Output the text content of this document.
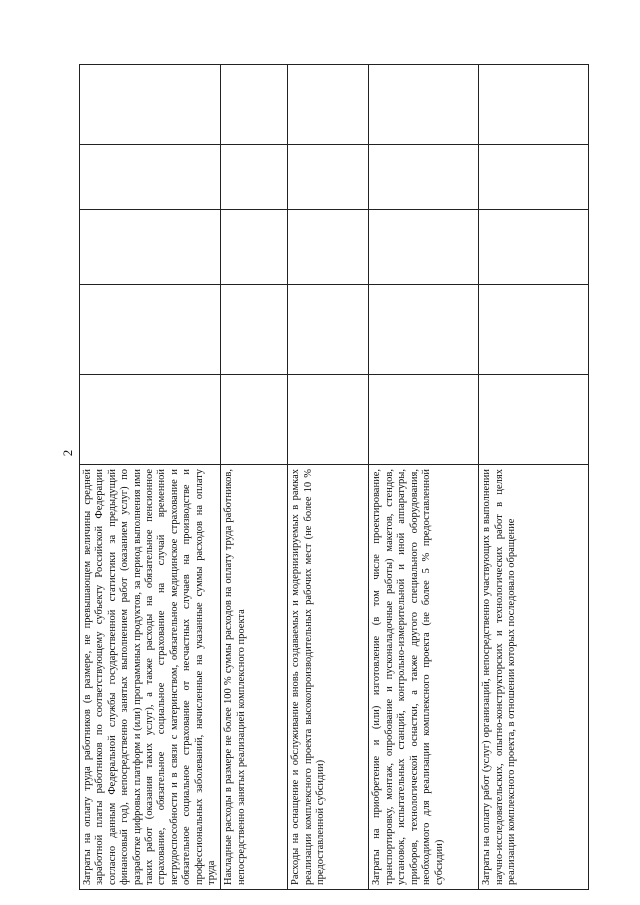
2
Затраты на оплату труда работников (в размере, не превышающем величины средней заработной платы работников по соответствующему субъекту Российской Федерации согласно данным Федеральной службы государственной статистики за предыдущий финансовый год), непосредственно занятых выполнением работ (оказанием услуг) по разработке цифровых платформ и (или) программных продуктов, за период выполнения ими таких работ (оказания таких услуг), а также расходы на обязательное пенсионное страхование, обязательное социальное страхование на случай временной нетрудоспособности и в связи с материнством, обязательное медицинское страхование и обязательное социальное страхование от несчастных случаев на производстве и профессиональных заболеваний, начисленные на указанные суммы расходов на оплату труда					
Накладные расходы в размере не более 100 % суммы расходов на оплату труда работников, непосредственно занятых реализацией комплексного проекта					
Расходы на оснащение и обслуживание вновь создаваемых и модернизируемых в рамках реализации комплексного проекта высокопроизводительных рабочих мест (не более 10 % предоставленной субсидии)					
Затраты на приобретение и (или) изготовление (в том числе проектирование, транспортировку, монтаж, опробование и пусконаладочные работы) макетов, стендов, установок, испытательных станций, контрольно-измерительной и иной аппаратуры, приборов, технологической оснастки, а также другого специального оборудования, необходимого для реализации комплексного проекта (не более 5 % предоставленной субсидии)					
Затраты на оплату работ (услуг) организаций, непосредственно участвующих в выполнении научно-исследовательских, опытно-конструкторских и технологических работ в целях реализации комплексного проекта, в отношении которых последовало обращение					
